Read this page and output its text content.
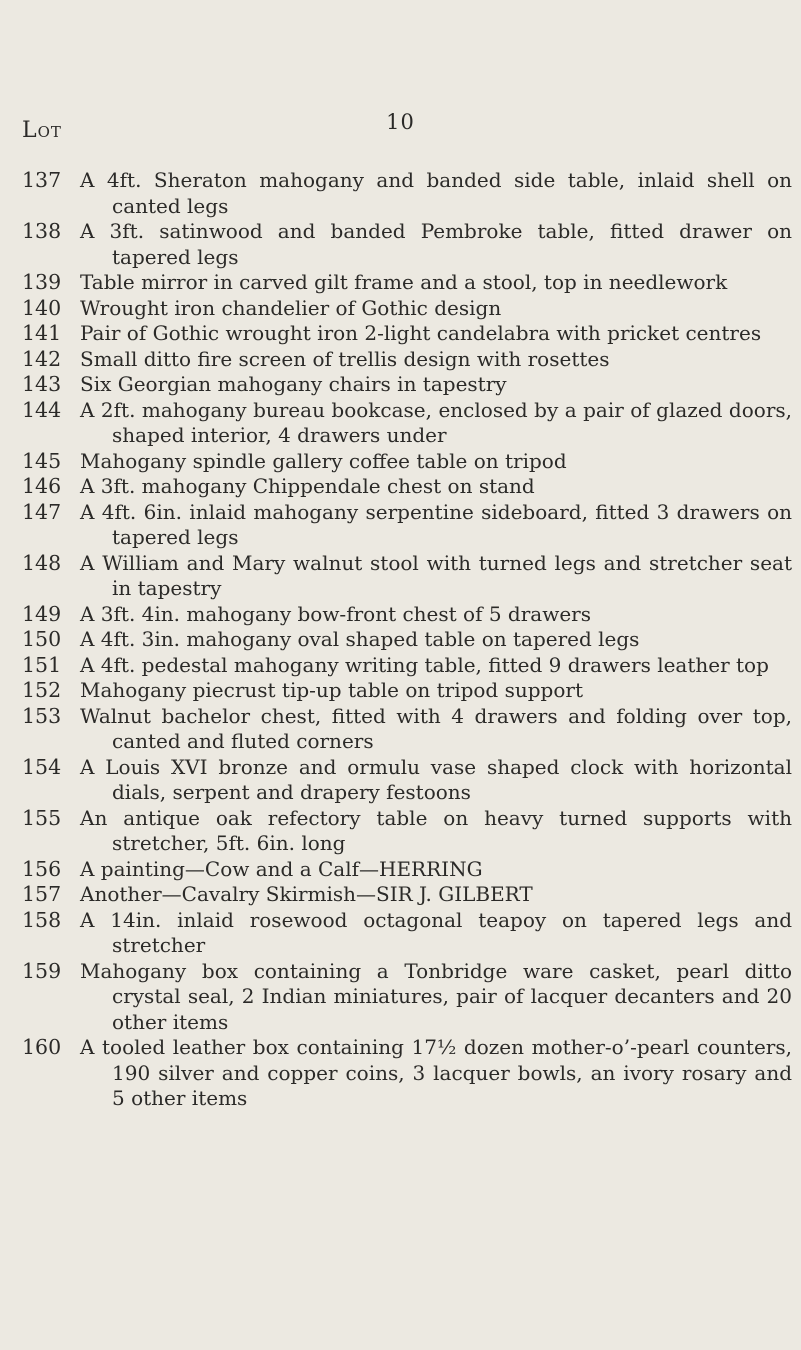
10
Lot
137 A 4ft. Sheraton mahogany and banded side table, inlaid shell on canted legs
138 A 3ft. satinwood and banded Pembroke table, fitted drawer on tapered legs
139 Table mirror in carved gilt frame and a stool, top in needlework
140 Wrought iron chandelier of Gothic design
141 Pair of Gothic wrought iron 2-light candelabra with pricket centres
142 Small ditto fire screen of trellis design with rosettes
143 Six Georgian mahogany chairs in tapestry
144 A 2ft. mahogany bureau bookcase, enclosed by a pair of glazed doors, shaped interior, 4 drawers under
145 Mahogany spindle gallery coffee table on tripod
146 A 3ft. mahogany Chippendale chest on stand
147 A 4ft. 6in. inlaid mahogany serpentine sideboard, fitted 3 drawers on tapered legs
148 A William and Mary walnut stool with turned legs and stretcher seat in tapestry
149 A 3ft. 4in. mahogany bow-front chest of 5 drawers
150 A 4ft. 3in. mahogany oval shaped table on tapered legs
151 A 4ft. pedestal mahogany writing table, fitted 9 drawers leather top
152 Mahogany piecrust tip-up table on tripod support
153 Walnut bachelor chest, fitted with 4 drawers and folding over top, canted and fluted corners
154 A Louis XVI bronze and ormulu vase shaped clock with horizontal dials, serpent and drapery festoons
155 An antique oak refectory table on heavy turned supports with stretcher, 5ft. 6in. long
156 A painting—Cow and a Calf—HERRING
157 Another—Cavalry Skirmish—SIR J. GILBERT
158 A 14in. inlaid rosewood octagonal teapoy on tapered legs and stretcher
159 Mahogany box containing a Tonbridge ware casket, pearl ditto crystal seal, 2 Indian miniatures, pair of lacquer decanters and 20 other items
160 A tooled leather box containing 17½ dozen mother-o’-pearl counters, 190 silver and copper coins, 3 lacquer bowls, an ivory rosary and 5 other items
